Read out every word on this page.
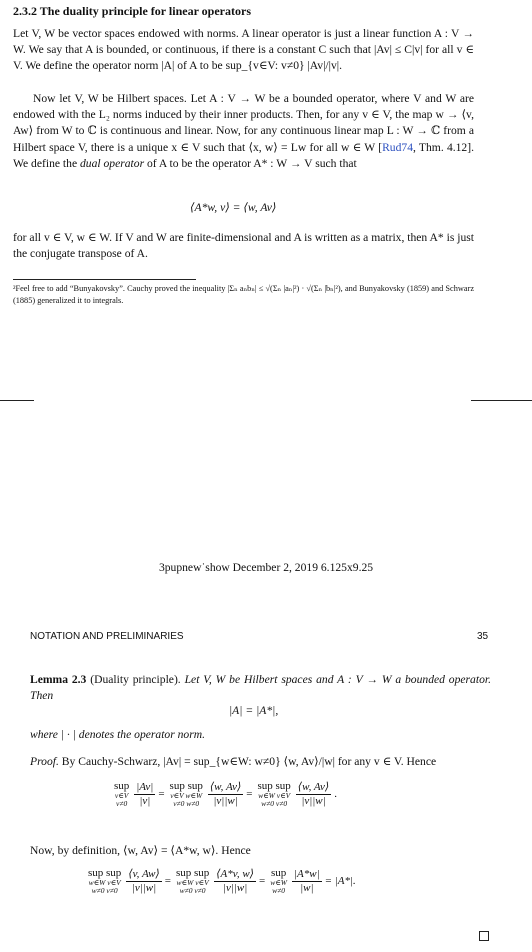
2.3.2 The duality principle for linear operators
Let V, W be vector spaces endowed with norms. A linear operator is just a linear function A : V → W. We say that A is bounded, or continuous, if there is a constant C such that |Av| ≤ C|v| for all v ∈ V. We define the operator norm |A| of A to be sup_{v∈V: v≠0} |Av|/|v|.
Now let V, W be Hilbert spaces. Let A : V → W be a bounded operator, where V and W are endowed with the L₂ norms induced by their inner products. Then, for any v ∈ V, the map w → ⟨v, Aw⟩ from W to ℂ is continuous and linear. Now, for any continuous linear map L : W → ℂ from a Hilbert space V, there is a unique x ∈ V such that ⟨x, w⟩ = Lw for all w ∈ W [Rud74, Thm. 4.12]. We define the dual operator of A to be the operator A* : W → V such that
⟨A*w, v⟩ = ⟨w, Av⟩
for all v ∈ V, w ∈ W. If V and W are finite-dimensional and A is written as a matrix, then A* is just the conjugate transpose of A.
²Feel free to add “Bunyakovsky”. Cauchy proved the inequality |Σₙ aₙbₙ| ≤ √(Σₙ |aₙ|²) · √(Σₙ |bₙ|²), and Bunyakovsky (1859) and Schwarz (1885) generalized it to integrals.
3pupnew˙show December 2, 2019 6.125x9.25
NOTATION AND PRELIMINARIES	35
Lemma 2.3 (Duality principle). Let V, W be Hilbert spaces and A : V → W a bounded operator. Then
|A| = |A*|,
where | · | denotes the operator norm.
Proof. By Cauchy-Schwarz, |Av| = sup_{w∈W: w≠0} ⟨w, Av⟩/|w| for any v ∈ V. Hence
sup
v∈V
$v\ne 0 \frac{|Av|}{|v|}$ =
sup sup
v∈V w∈W
v≠0 $w\ne 0 \frac{⟨w, Av⟩}{|v||w|}$ =
sup sup
w∈W v∈V
w≠0 $v\ne 0 \frac{⟨w, Av⟩}{|v||w|}$ .
Now, by definition, ⟨w, Av⟩ = ⟨A*w, w⟩. Hence
sup sup
w∈W v∈V
w≠0 $v\ne 0 \frac{⟨v, Aw⟩}{|v||w|}$ =
sup sup
w∈W v∈V
w≠0 $v\ne 0 \frac{⟨A*v, w⟩}{|v||w|}$ =
sup
w∈W
$w\ne 0 \frac{|A*w|}{|w|} = |A*|$.
